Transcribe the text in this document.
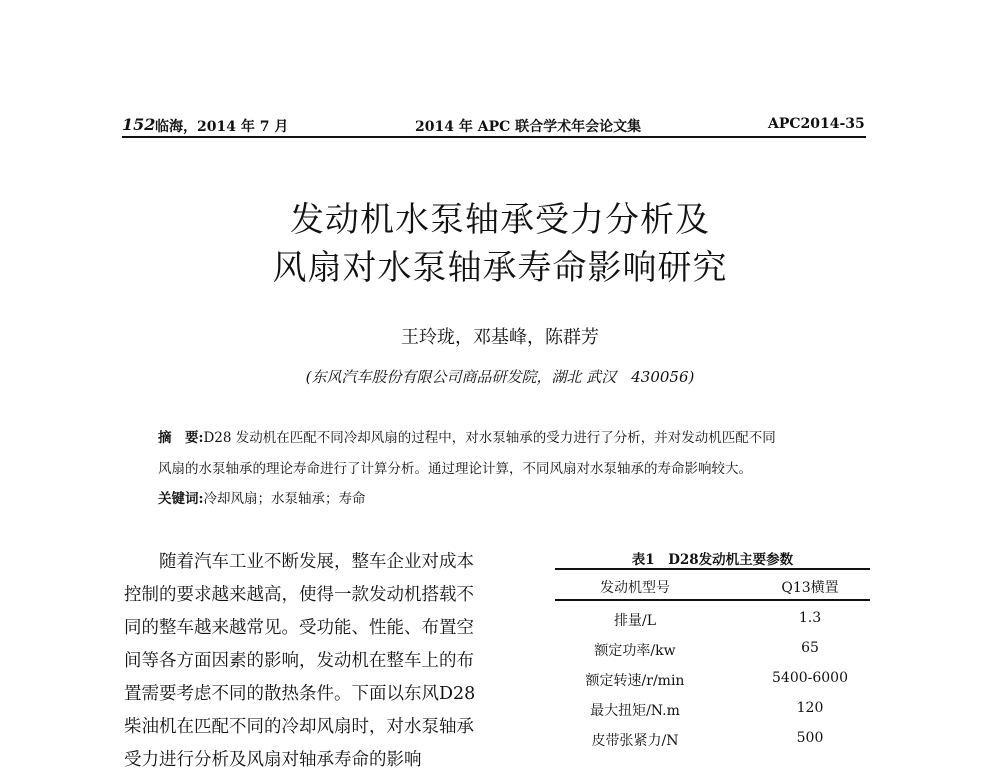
152 临海，2014 年 7 月	2014 年 APC 联合学术年会论文集	APC2014-35
发动机水泵轴承受力分析及
风扇对水泵轴承寿命影响研究
王玲珑，邓基峰，陈群芳
(东风汽车股份有限公司商品研发院，湖北 武汉　430056)
摘　要:D28 发动机在匹配不同冷却风扇的过程中，对水泵轴承的受力进行了分析，并对发动机匹配不同
风扇的水泵轴承的理论寿命进行了计算分析。通过理论计算，不同风扇对水泵轴承的寿命影响较大。
关键词:冷却风扇；水泵轴承；寿命
　　随着汽车工业不断发展，整车企业对成本
控制的要求越来越高，使得一款发动机搭载不
同的整车越来越常见。受功能、性能、布置空
间等各方面因素的影响，发动机在整车上的布
置需要考虑不同的散热条件。下面以东风D28
柴油机在匹配不同的冷却风扇时，对水泵轴承
受力进行分析及风扇对轴承寿命的影响
表1　D28发动机主要参数
发动机型号	Q13横置
排量/L	1.3
额定功率/kw	65
额定转速/r/min	5400-6000
最大扭矩/N.m	120
皮带张紧力/N	500
